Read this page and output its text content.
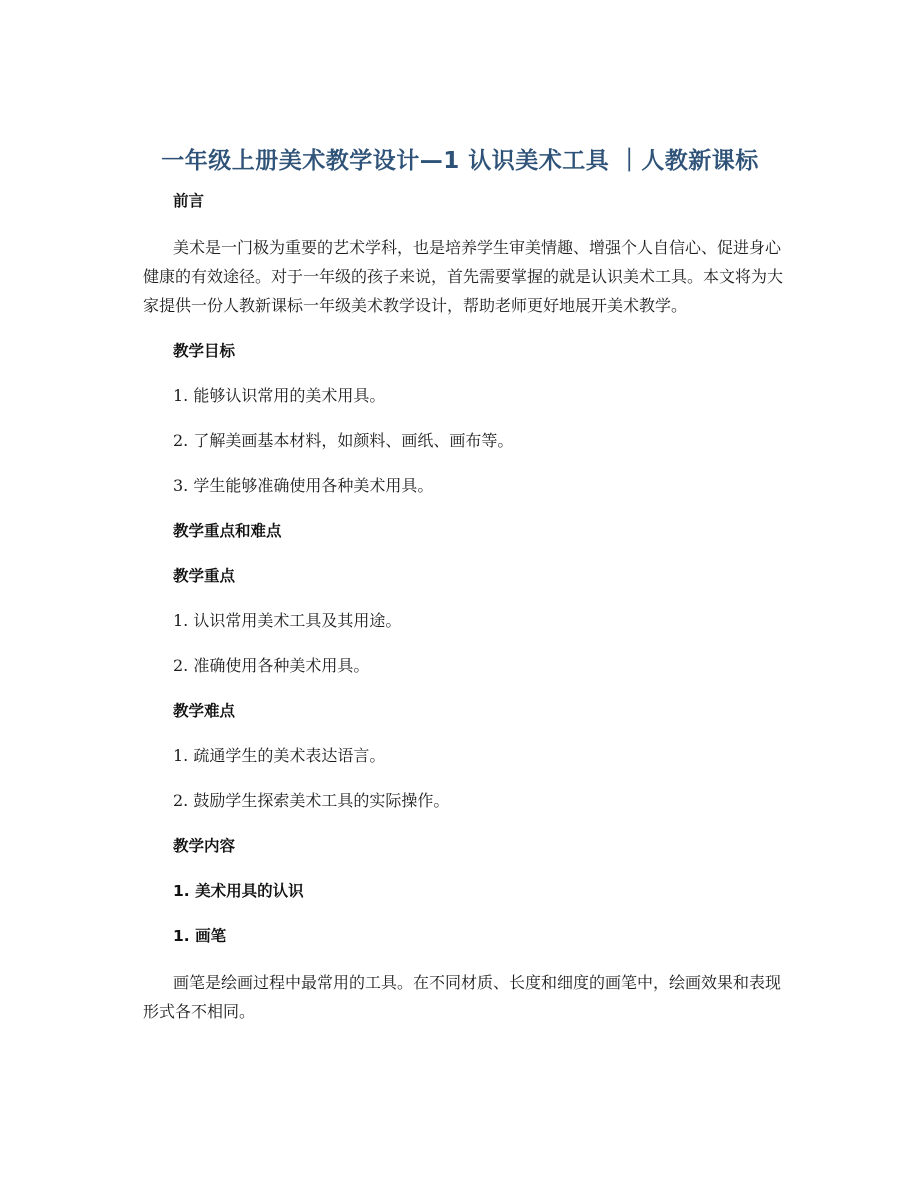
一年级上册美术教学设计—1 认识美术工具 ｜人教新课标
前言
美术是一门极为重要的艺术学科，也是培养学生审美情趣、增强个人自信心、促进身心健康的有效途径。对于一年级的孩子来说，首先需要掌握的就是认识美术工具。本文将为大家提供一份人教新课标一年级美术教学设计，帮助老师更好地展开美术教学。
教学目标
1. 能够认识常用的美术用具。
2. 了解美画基本材料，如颜料、画纸、画布等。
3. 学生能够准确使用各种美术用具。
教学重点和难点
教学重点
1. 认识常用美术工具及其用途。
2. 准确使用各种美术用具。
教学难点
1. 疏通学生的美术表达语言。
2. 鼓励学生探索美术工具的实际操作。
教学内容
1. 美术用具的认识
1. 画笔
画笔是绘画过程中最常用的工具。在不同材质、长度和细度的画笔中，绘画效果和表现形式各不相同。
